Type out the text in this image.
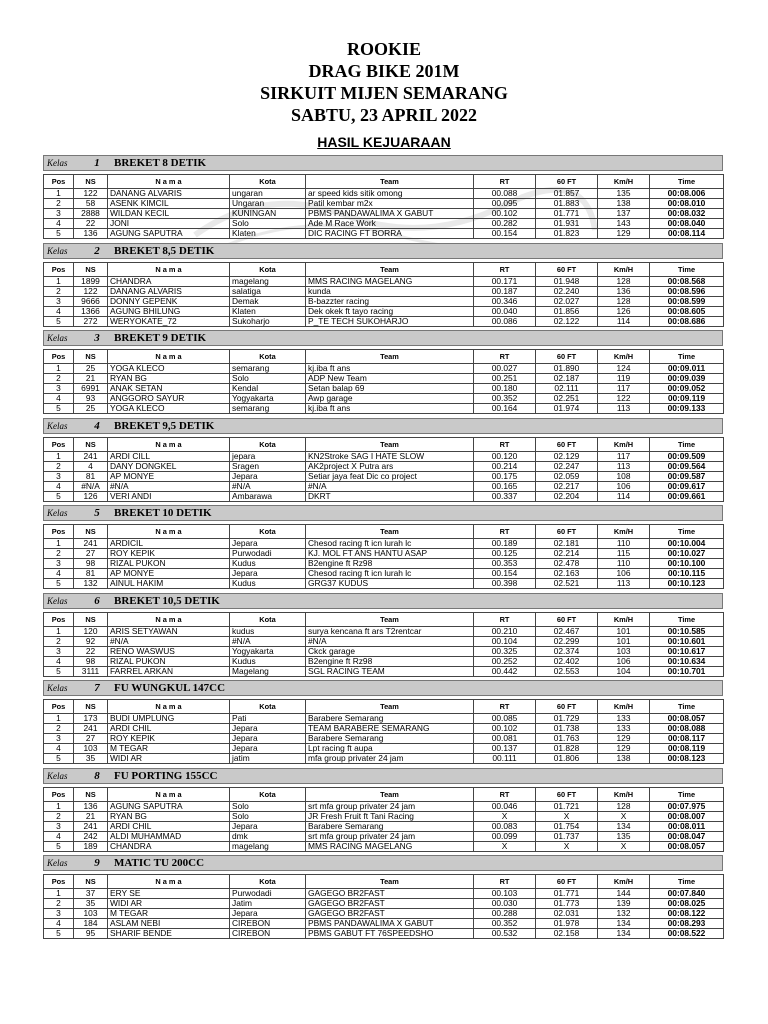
ROOKIE
DRAG BIKE 201M
SIRKUIT MIJEN SEMARANG
SABTU, 23 APRIL 2022
HASIL KEJUARAAN
Kelas	1	BREKET 8 DETIK
Pos	NS	N a m a	Kota	Team	RT	60 FT	Km/H	Time
1	122	DANANG ALVARIS	ungaran	ar speed kids sitik omong	00.088	01.857	135	00:08.006
2	58	ASENK KIMCIL	Ungaran	Patil kembar m2x	00.095	01.883	138	00:08.010
3	2888	WILDAN KECIL	KUNINGAN	PBMS PANDAWALIMA X GABUT	00.102	01.771	137	00:08.032
4	22	JONI	Solo	Ade M Race Work	00.282	01.931	143	00:08.040
5	136	AGUNG SAPUTRA	Klaten	DIC RACING FT BORRA	00.154	01.823	129	00:08.114
Kelas	2	BREKET 8,5 DETIK
Pos	NS	N a m a	Kota	Team	RT	60 FT	Km/H	Time
1	1899	CHANDRA	magelang	MMS RACING MAGELANG	00.171	01.948	128	00:08.568
2	122	DANANG ALVARIS	salatiga	kunda	00.187	02.240	136	00:08.596
3	9666	DONNY GEPENK	Demak	B-bazzter racing	00.346	02.027	128	00:08.599
4	1366	AGUNG BHILUNG	Klaten	Dek okek ft tayo racing	00.040	01.856	126	00:08.605
5	272	WERYOKATE_72	Sukoharjo	P_TE TECH SUKOHARJO	00.086	02.122	114	00:08.686
Kelas	3	BREKET 9 DETIK
Pos	NS	N a m a	Kota	Team	RT	60 FT	Km/H	Time
1	25	YOGA KLECO	semarang	kj.iba ft ans	00.027	01.890	124	00:09.011
2	21	RYAN BG	Solo	ADP New Team	00.251	02.187	119	00:09.039
3	6991	ANAK SETAN	Kendal	Setan balap 69	00.180	02.111	117	00:09.052
4	93	ANGGORO SAYUR	Yogyakarta	Awp garage	00.352	02.251	122	00:09.119
5	25	YOGA KLECO	semarang	kj.iba ft ans	00.164	01.974	113	00:09.133
Kelas	4	BREKET 9,5 DETIK
Pos	NS	N a m a	Kota	Team	RT	60 FT	Km/H	Time
1	241	ARDI CILL	jepara	KN2Stroke SAG I HATE SLOW	00.120	02.129	117	00:09.509
2	4	DANY DONGKEL	Sragen	AK2project X Putra ars	00.214	02.247	113	00:09.564
3	81	AP MONYE	Jepara	Setiar jaya feat Dic co project	00.175	02.059	108	00:09.587
4	#N/A	#N/A	#N/A	#N/A	00.165	02.217	106	00:09.617
5	126	VERI ANDI	Ambarawa	DKRT	00.337	02.204	114	00:09.661
Kelas	5	BREKET 10 DETIK
Pos	NS	N a m a	Kota	Team	RT	60 FT	Km/H	Time
1	241	ARDICIL	Jepara	Chesod racing ft icn lurah lc	00.189	02.181	110	00:10.004
2	27	ROY KEPIK	Purwodadi	KJ. MOL FT ANS HANTU ASAP	00.125	02.214	115	00:10.027
3	98	RIZAL PUKON	Kudus	B2engine ft Rz98	00.353	02.478	110	00:10.100
4	81	AP MONYE	Jepara	Chesod racing ft icn lurah lc	00.154	02.163	106	00:10.115
5	132	AINUL HAKIM	Kudus	GRG37 KUDUS	00.398	02.521	113	00:10.123
Kelas	6	BREKET 10,5 DETIK
Pos	NS	N a m a	Kota	Team	RT	60 FT	Km/H	Time
1	120	ARIS SETYAWAN	kudus	surya kencana ft ars T2rentcar	00.210	02.467	101	00:10.585
2	92	#N/A	#N/A	#N/A	00.104	02.299	101	00:10.601
3	22	RENO WASWUS	Yogyakarta	Ckck garage	00.325	02.374	103	00:10.617
4	98	RIZAL PUKON	Kudus	B2engine ft Rz98	00.252	02.402	106	00:10.634
5	3111	FARREL ARKAN	Magelang	SGL RACING TEAM	00.442	02.553	104	00:10.701
Kelas	7	FU WUNGKUL 147CC
Pos	NS	N a m a	Kota	Team	RT	60 FT	Km/H	Time
1	173	BUDI UMPLUNG	Pati	Barabere Semarang	00.085	01.729	133	00:08.057
2	241	ARDI CHIL	Jepara	TEAM BARABERE SEMARANG	00.102	01.738	133	00:08.088
3	27	ROY KEPIK	Jepara	Barabere Semarang	00.081	01.763	129	00:08.117
4	103	M TEGAR	Jepara	Lpt racing ft aupa	00.137	01.828	129	00:08.119
5	35	WIDI AR	jatim	mfa group privater 24 jam	00.111	01.806	138	00:08.123
Kelas	8	FU PORTING 155CC
Pos	NS	N a m a	Kota	Team	RT	60 FT	Km/H	Time
1	136	AGUNG SAPUTRA	Solo	srt mfa group privater 24 jam	00.046	01.721	128	00:07.975
2	21	RYAN BG	Solo	JR Fresh Fruit ft Tani Racing	X	X	X	00:08.007
3	241	ARDI CHIL	Jepara	Barabere Semarang	00.083	01.754	134	00:08.011
4	242	ALDI MUHAMMAD	dmk	srt mfa group privater 24 jam	00.099	01.737	135	00:08.047
5	189	CHANDRA	magelang	MMS RACING MAGELANG	X	X	X	00:08.057
Kelas	9	MATIC TU 200CC
Pos	NS	N a m a	Kota	Team	RT	60 FT	Km/H	Time
1	37	ERY SE	Purwodadi	GAGEGO BR2FAST	00.103	01.771	144	00:07.840
2	35	WIDI AR	Jatim	GAGEGO BR2FAST	00.030	01.773	139	00:08.025
3	103	M TEGAR	Jepara	GAGEGO BR2FAST	00.288	02.031	132	00:08.122
4	184	ASLAM NEBI	CIREBON	PBMS PANDAWALIMA X GABUT	00.352	01.978	134	00:08.293
5	95	SHARIF BENDE	CIREBON	PBMS GABUT FT 76SPEEDSHO	00.532	02.158	134	00:08.522
